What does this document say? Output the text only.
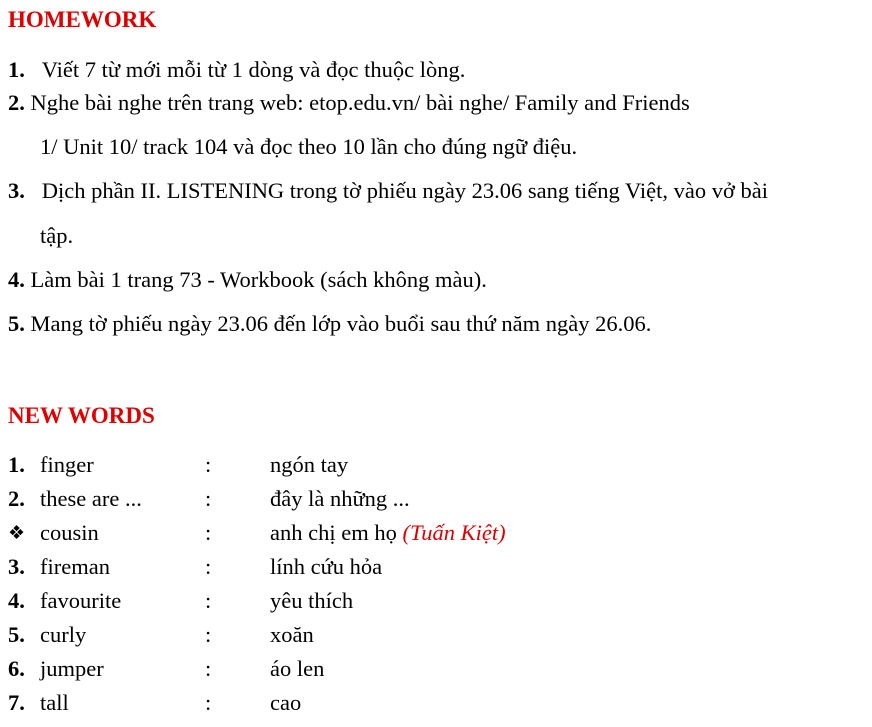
HOMEWORK
1. Viết 7 từ mới mỗi từ 1 dòng và đọc thuộc lòng.
2. Nghe bài nghe trên trang web: etop.edu.vn/ bài nghe/ Family and Friends
1/ Unit 10/ track 104 và đọc theo 10 lần cho đúng ngữ điệu.
3. Dịch phần II. LISTENING trong tờ phiếu ngày 23.06 sang tiếng Việt, vào vở bài
tập.
4. Làm bài 1 trang 73 - Workbook (sách không màu).
5. Mang tờ phiếu ngày 23.06 đến lớp vào buổi sau thứ năm ngày 26.06.
NEW WORDS
1. finger	:	ngón tay
2. these are ...	:	đây là những ...
❖ cousin	:	anh chị em họ (Tuấn Kiệt)
3. fireman	:	lính cứu hỏa
4. favourite	:	yêu thích
5. curly	:	xoăn
6. jumper	:	áo len
7. tall	:	cao
